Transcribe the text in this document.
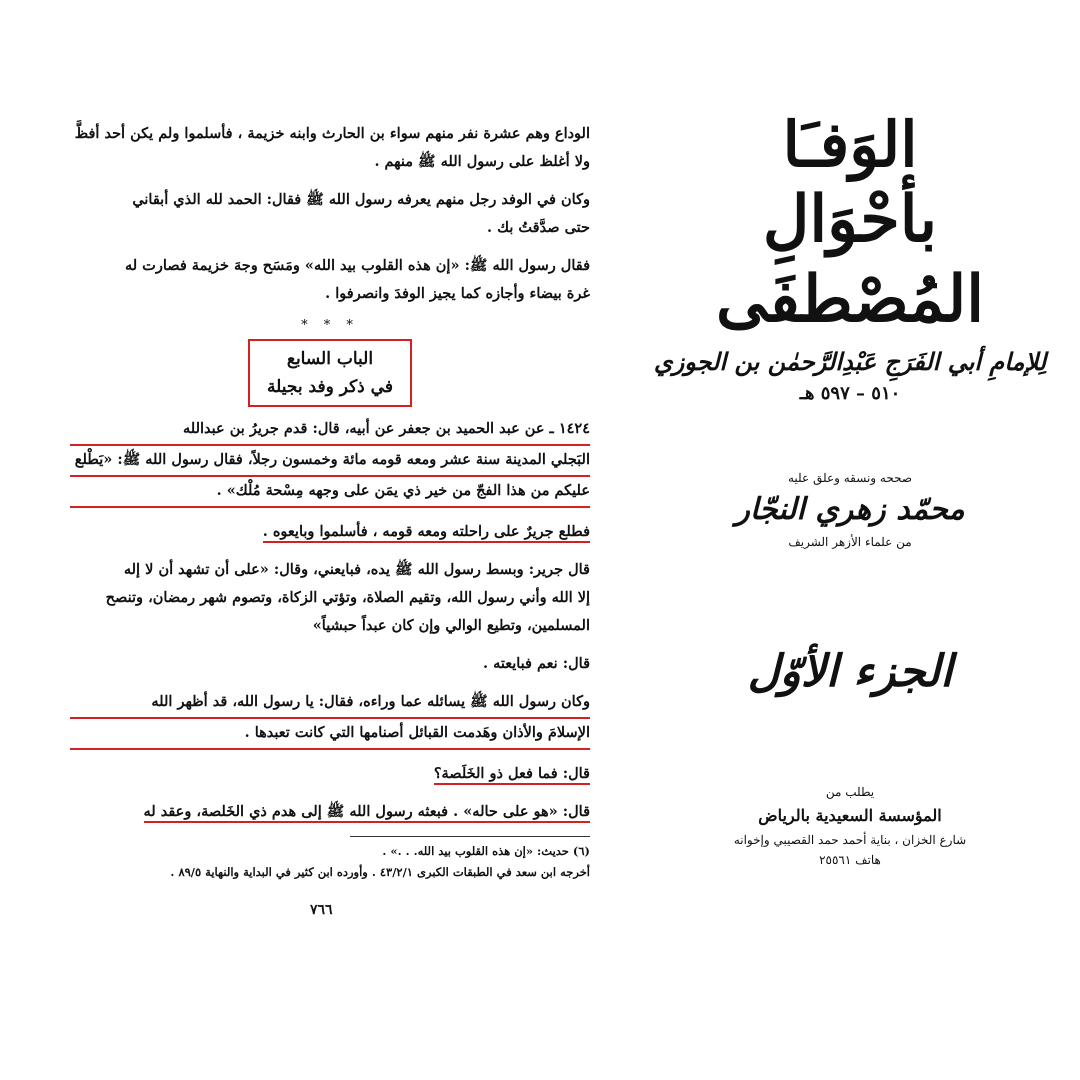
الوداع وهم عشرة نفر منهم سواء بن الحارث وابنه خزيمة ، فأسلموا ولم يكن أحد أفظَّ
ولا أغلظ على رسول الله ﷺ منهم .

وكان في الوفد رجل منهم يعرفه رسول الله ﷺ فقال: الحمد لله الذي أبقاني
حتى صدَّقتُ بك .

فقال رسول الله ﷺ: «إن هذه القلوب بيد الله» ومَسَح وجهَ خزيمة فصارت له
غرة بيضاء وأجازه كما يجيز الوفدَ وانصرفوا .

* * *
الباب السابع
في ذكر وفد بجيلة

١٤٢٤ ـ عن عبد الحميد بن جعفر عن أبيه، قال: قدم جريرُ بن عبدالله
البَجلي المدينة سنة عشر ومعه قومه مائة وخمسون رجلاً، فقال رسول الله ﷺ: «يَطْلع
عليكم من هذا الفجّ من خير ذي يمَن على وجهه مِسْحة مُلْك» .

فطلع جريرٌ على راحلته ومعه قومه ، فأسلموا وبايعوه .

قال جرير: وبسط رسول الله ﷺ يده، فبايعني، وقال: «على أن تشهد أن لا إله
إلا الله وأني رسول الله، وتقيم الصلاة، وتؤتي الزكاة، وتصوم شهر رمضان، وتنصح
المسلمين، وتطيع الوالي وإن كان عبداً حبشياً»

قال: نعم فبايعته .

وكان رسول الله ﷺ يسائله عما وراءه، فقال: يا رسول الله، قد أظهر الله
الإسلامَ والأذان وهَدمت القبائل أصنامها التي كانت تعبدها .

قال: فما فعل ذو الخَلَصة؟

قال: «هو على حاله» . فبعثه رسول الله ﷺ إلى هدم ذي الخَلصة، وعقد له

(٦) حديث: «إن هذه القلوب بيد الله. . .» .
أخرجه ابن سعد في الطبقات الكبرى ٤٣/٢/١ . وأورده ابن كثير في البداية والنهاية ٨٩/٥ .
٧٦٦
الوَفـَا
بأحْوَالِ المُصْطفَى
لِلإمامِ أبي الفَرَجِ عَبْدِالرَّحمٰن بن الجوزي
٥١٠ – ٥٩٧ هـ
صححه ونسقه وعلق عليه
محمّد زهري النجّار
من علماء الأزهر الشريف
الجزء الأوّل
يطلب من
المؤسسة السعيدية بالرياض
شارع الخزان ، بناية أحمد حمد القصيبي وإخوانه
هاتف ٢٥٥٦١
